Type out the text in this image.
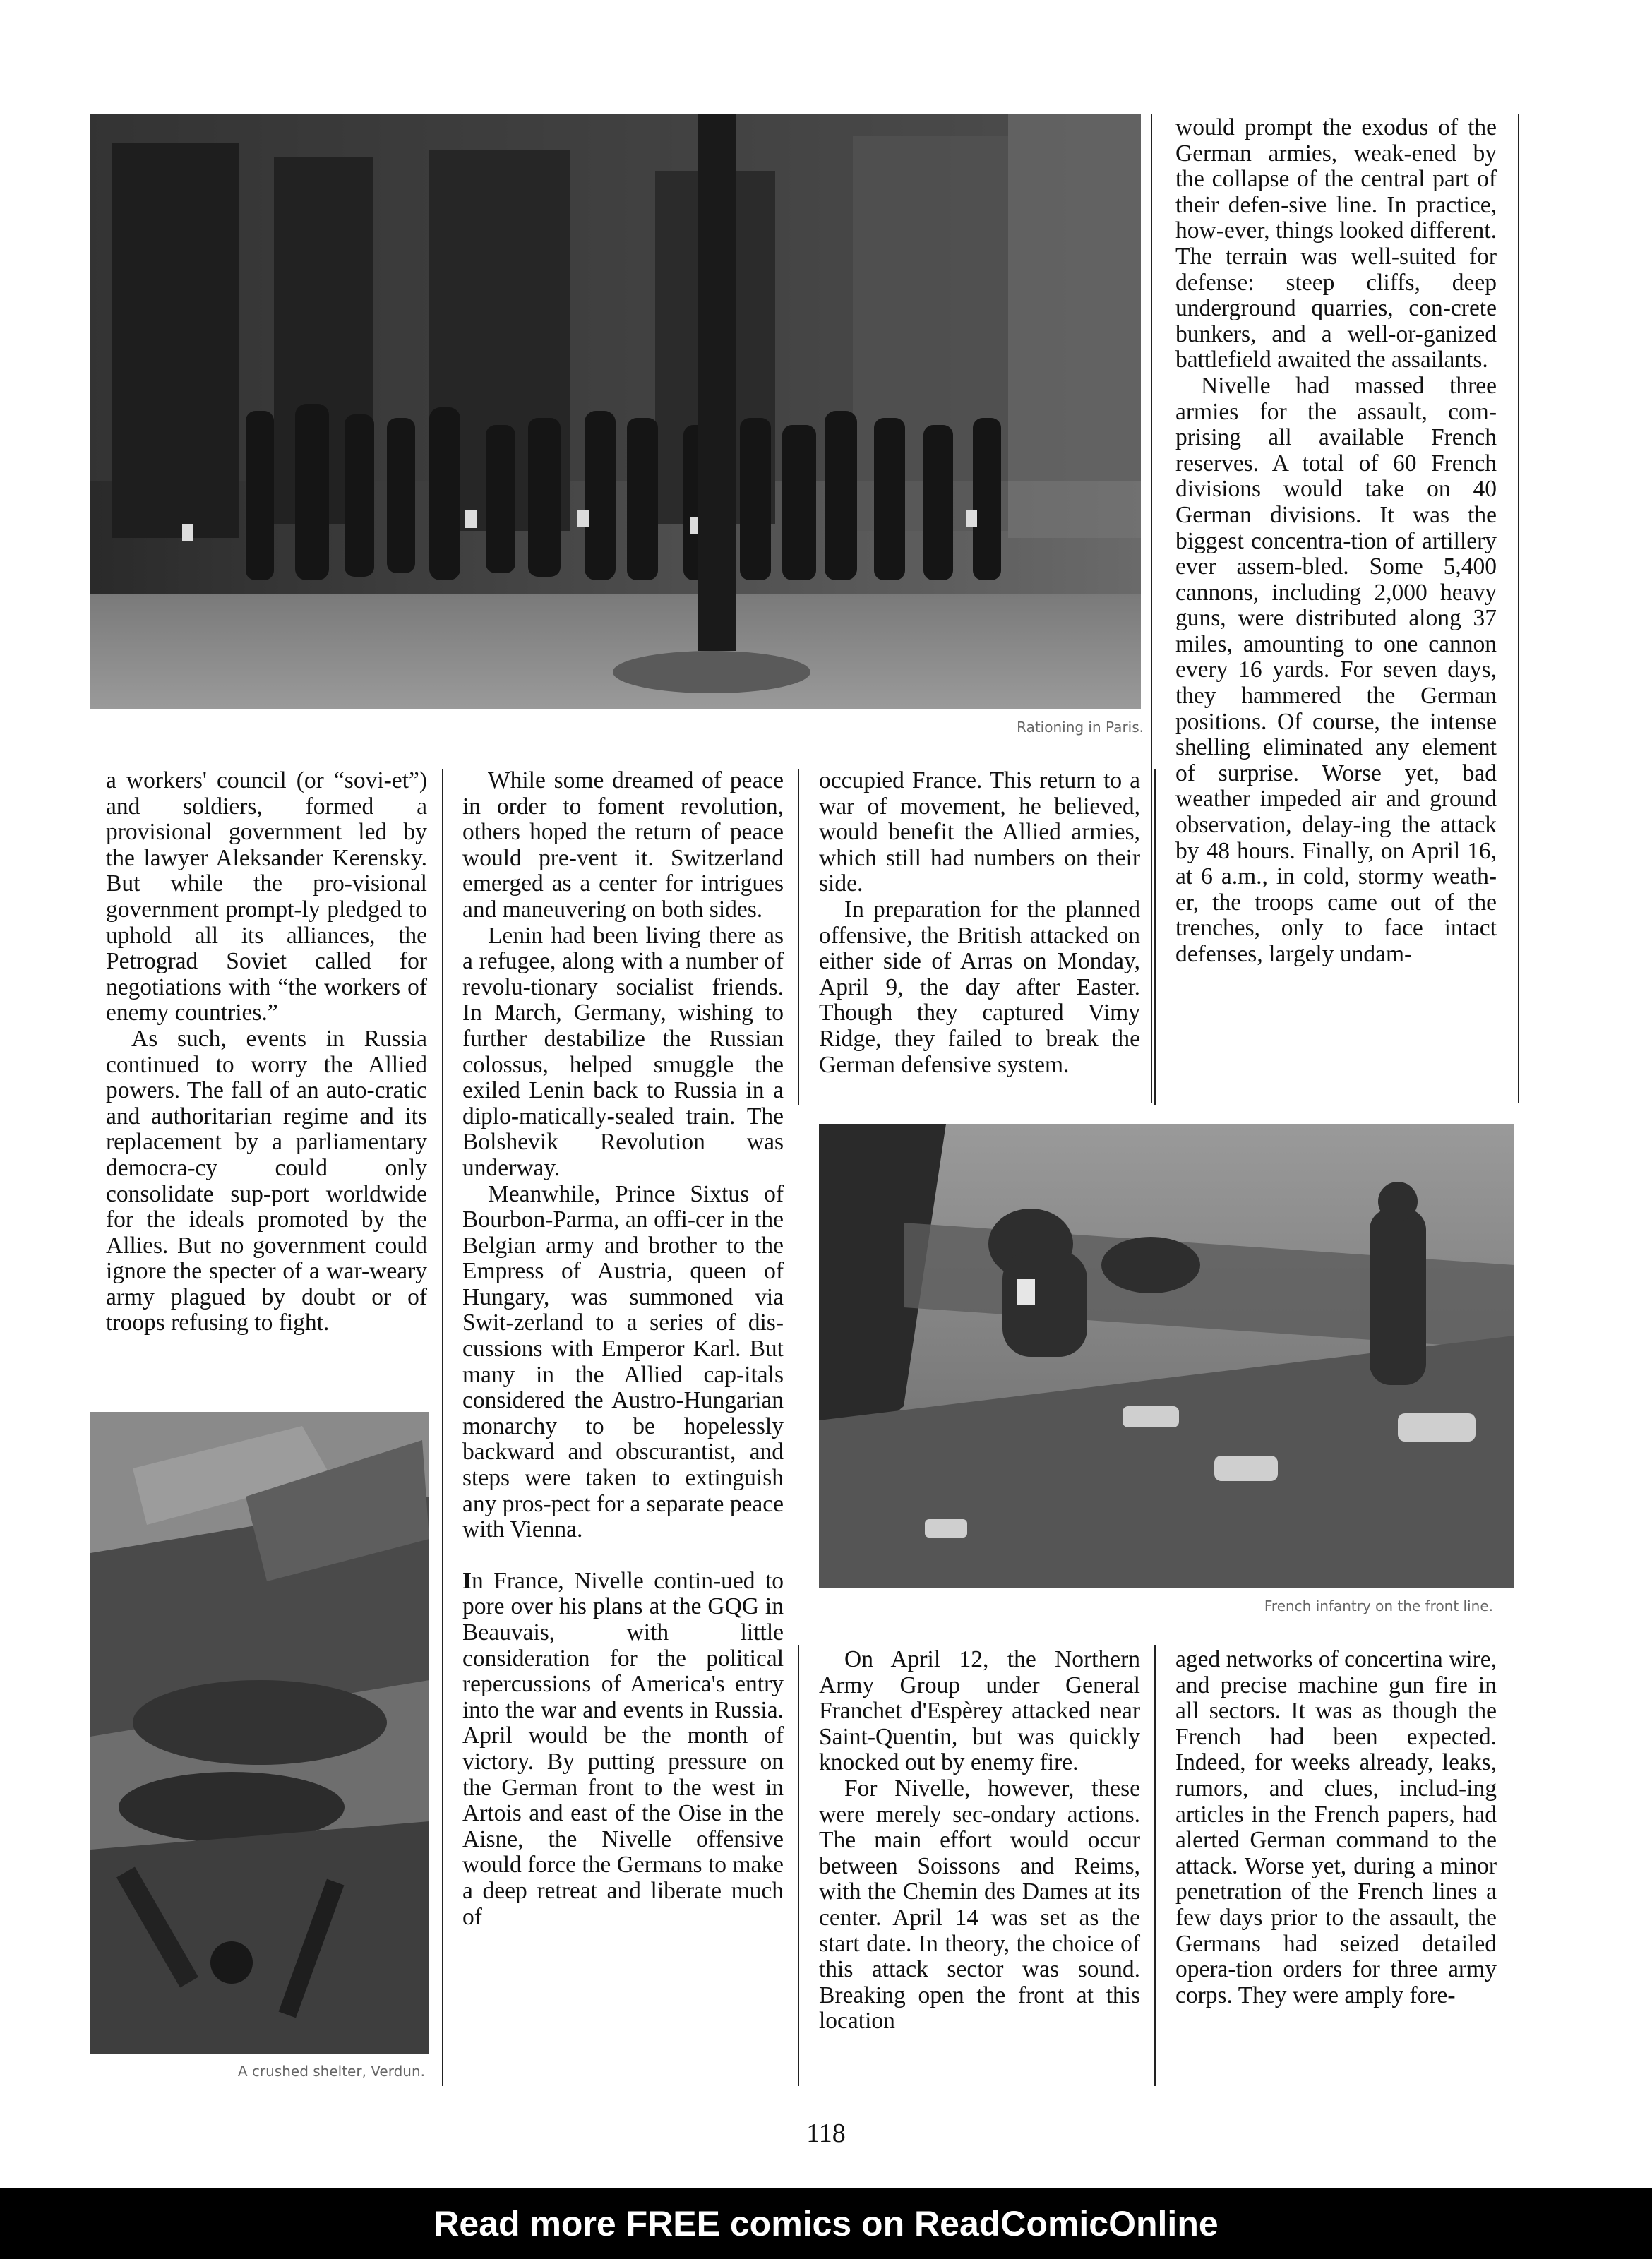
Rationing in Paris.

would prompt the exodus of the German armies, weak-ened by the collapse of the central part of their defen-sive line. In practice, how-ever, things looked different. The terrain was well-suited for defense: steep cliffs, deep underground quarries, con-crete bunkers, and a well-or-ganized battlefield awaited the assailants.

Nivelle had massed three armies for the assault, com-prising all available French reserves. A total of 60 French divisions would take on 40 German divisions. It was the biggest concentra-tion of artillery ever assem-bled. Some 5,400 cannons, including 2,000 heavy guns, were distributed along 37 miles, amounting to one cannon every 16 yards. For seven days, they hammered the German positions. Of course, the intense shelling eliminated any element of surprise. Worse yet, bad weather impeded air and ground observation, delay-ing the attack by 48 hours. Finally, on April 16, at 6 a.m., in cold, stormy weath-er, the troops came out of the trenches, only to face intact defenses, largely undam-

a workers' council (or “sovi-et”) and soldiers, formed a provisional government led by the lawyer Aleksander Kerensky. But while the pro-visional government prompt-ly pledged to uphold all its alliances, the Petrograd Soviet called for negotiations with “the workers of enemy countries.”

As such, events in Russia continued to worry the Allied powers. The fall of an auto-cratic and authoritarian regime and its replacement by a parliamentary democra-cy could only consolidate sup-port worldwide for the ideals promoted by the Allies. But no government could ignore the specter of a war-weary army plagued by doubt or of troops refusing to fight.

While some dreamed of peace in order to foment revolution, others hoped the return of peace would pre-vent it. Switzerland emerged as a center for intrigues and maneuvering on both sides.

Lenin had been living there as a refugee, along with a number of revolu-tionary socialist friends. In March, Germany, wishing to further destabilize the Russian colossus, helped smuggle the exiled Lenin back to Russia in a diplo-matically-sealed train. The Bolshevik Revolution was underway.

Meanwhile, Prince Sixtus of Bourbon-Parma, an offi-cer in the Belgian army and brother to the Empress of Austria, queen of Hungary, was summoned via Swit-zerland to a series of dis-cussions with Emperor Karl. But many in the Allied cap-itals considered the Austro-Hungarian monarchy to be hopelessly backward and obscurantist, and steps were taken to extinguish any pros-pect for a separate peace with Vienna.

In France, Nivelle contin-ued to pore over his plans at the GQG in Beauvais, with little consideration for the political repercussions of America's entry into the war and events in Russia. April would be the month of victory. By putting pressure on the German front to the west in Artois and east of the Oise in the Aisne, the Nivelle offensive would force the Germans to make a deep retreat and liberate much of

occupied France. This return to a war of movement, he believed, would benefit the Allied armies, which still had numbers on their side.

In preparation for the planned offensive, the British attacked on either side of Arras on Monday, April 9, the day after Easter. Though they captured Vimy Ridge, they failed to break the German defensive system.

A crushed shelter, Verdun.
French infantry on the front line.

On April 12, the Northern Army Group under General Franchet d'Espèrey attacked near Saint-Quentin, but was quickly knocked out by enemy fire.

For Nivelle, however, these were merely sec-ondary actions. The main effort would occur between Soissons and Reims, with the Chemin des Dames at its center. April 14 was set as the start date. In theory, the choice of this attack sector was sound. Breaking open the front at this location

aged networks of concertina wire, and precise machine gun fire in all sectors. It was as though the French had been expected. Indeed, for weeks already, leaks, rumors, and clues, includ-ing articles in the French papers, had alerted German command to the attack. Worse yet, during a minor penetration of the French lines a few days prior to the assault, the Germans had seized detailed opera-tion orders for three army corps. They were amply fore-

118
Read more FREE comics on ReadComicOnline
